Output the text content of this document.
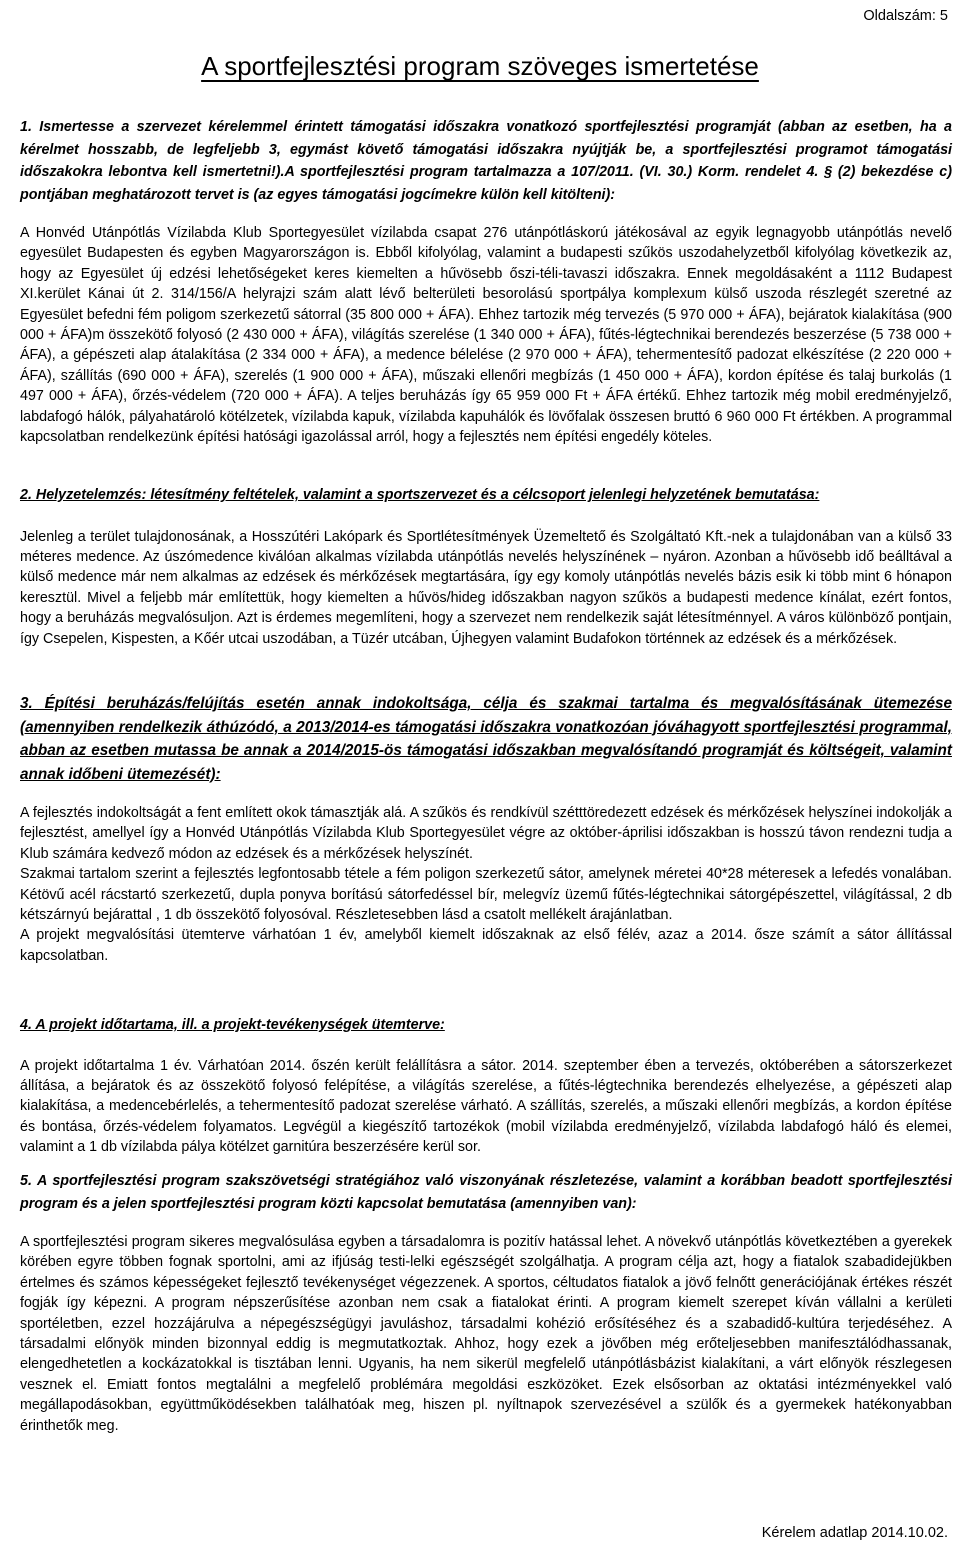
Oldalszám: 5
A sportfejlesztési program szöveges ismertetése

1. Ismertesse a szervezet kérelemmel érintett támogatási időszakra vonatkozó sportfejlesztési programját (abban az esetben, ha a kérelmet hosszabb, de legfeljebb 3, egymást követő támogatási időszakra nyújtják be, a sportfejlesztési programot támogatási időszakokra lebontva kell ismertetni!).A sportfejlesztési program tartalmazza a 107/2011. (VI. 30.) Korm. rendelet 4. § (2) bekezdése c) pontjában meghatározott tervet is (az egyes támogatási jogcímekre külön kell kitölteni):

A Honvéd Utánpótlás Vízilabda Klub Sportegyesület vízilabda csapat 276 utánpótláskorú játékosával az egyik legnagyobb utánpótlás nevelő egyesület Budapesten és egyben Magyarországon is. Ebből kifolyólag, valamint a budapesti szűkös uszodahelyzetből kifolyólag következik az, hogy az Egyesület új edzési lehetőségeket keres kiemelten a hűvösebb őszi-téli-tavaszi időszakra. Ennek megoldásaként a 1112 Budapest XI.kerület Kánai út 2. 314/156/A helyrajzi szám alatt lévő belterületi besorolású sportpálya komplexum külső uszoda részlegét szeretné az Egyesület befedni fém poligom szerkezetű sátorral (35 800 000 + ÁFA). Ehhez tartozik még tervezés (5 970 000 + ÁFA), bejáratok kialakítása (900 000 + ÁFA)m összekötő folyosó (2 430 000 + ÁFA), világítás szerelése (1 340 000 + ÁFA), fűtés-légtechnikai berendezés beszerzése (5 738 000 + ÁFA), a gépészeti alap átalakítása (2 334 000 + ÁFA), a medence bélelése (2 970 000 + ÁFA), tehermentesítő padozat elkészítése (2 220 000 + ÁFA), szállítás (690 000 + ÁFA), szerelés (1 900 000 + ÁFA), műszaki ellenőri megbízás (1 450 000 + ÁFA), kordon építése és talaj burkolás (1 497 000 + ÁFA), őrzés-védelem (720 000 + ÁFA). A teljes beruházás így 65 959 000 Ft + ÁFA értékű. Ehhez tartozik még mobil eredményjelző, labdafogó hálók, pályahatároló kötélzetek, vízilabda kapuk, vízilabda kapuhálók és lövőfalak összesen bruttó 6 960 000 Ft értékben. A programmal kapcsolatban rendelkezünk építési hatósági igazolással arról, hogy a fejlesztés nem építési engedély köteles.

2. Helyzetelemzés: létesítmény feltételek, valamint a sportszervezet és a célcsoport jelenlegi helyzetének bemutatása:

Jelenleg a terület tulajdonosának, a Hosszútéri Lakópark és Sportlétesítmények Üzemeltető és Szolgáltató Kft.-nek a tulajdonában van a külső 33 méteres medence. Az úszómedence kiválóan alkalmas vízilabda utánpótlás nevelés helyszínének – nyáron. Azonban a hűvösebb idő beálltával a külső medence már nem alkalmas az edzések és mérkőzések megtartására, így egy komoly utánpótlás nevelés bázis esik ki több mint 6 hónapon keresztül. Mivel a feljebb már említettük, hogy kiemelten a hűvös/hideg időszakban nagyon szűkös a budapesti medence kínálat, ezért fontos, hogy a beruházás megvalósuljon. Azt is érdemes megemlíteni, hogy a szervezet nem rendelkezik saját létesítménnyel. A város különböző pontjain, így Csepelen, Kispesten, a Kőér utcai uszodában, a Tüzér utcában, Újhegyen valamint Budafokon történnek az edzések és a mérkőzések.

3. Építési beruházás/felújítás esetén annak indokoltsága, célja és szakmai tartalma és megvalósításának ütemezése (amennyiben rendelkezik áthúzódó, a 2013/2014-es támogatási időszakra vonatkozóan jóváhagyott sportfejlesztési programmal, abban az esetben mutassa be annak a 2014/2015-ös támogatási időszakban megvalósítandó programját és költségeit, valamint annak időbeni ütemezését):

A fejlesztés indokoltságát a fent említett okok támasztják alá. A szűkös és rendkívül szétttöredezett edzések és mérkőzések helyszínei indokolják a fejlesztést, amellyel így a Honvéd Utánpótlás Vízilabda Klub Sportegyesület végre az október-áprilisi időszakban is hosszú távon rendezni tudja a Klub számára kedvező módon az edzések és a mérkőzések helyszínét.

Szakmai tartalom szerint a fejlesztés legfontosabb tétele a fém poligon szerkezetű sátor, amelynek méretei 40*28 méteresek a lefedés vonalában. Kétövű acél rácstartó szerkezetű, dupla ponyva borítású sátorfedéssel bír, melegvíz üzemű fűtés-légtechnikai sátorgépészettel, világítással, 2 db kétszárnyú bejárattal , 1 db összekötő folyosóval. Részletesebben lásd a csatolt mellékelt árajánlatban.

A projekt megvalósítási ütemterve várhatóan 1 év, amelyből kiemelt időszaknak az első félév, azaz a 2014. ősze számít a sátor állítással kapcsolatban.

4. A projekt időtartama, ill. a projekt-tevékenységek ütemterve:

A projekt időtartalma 1 év. Várhatóan 2014. őszén került felállításra a sátor. 2014. szeptember ében a tervezés, októberében a sátorszerkezet állítása, a bejáratok és az összekötő folyosó felépítése, a világítás szerelése, a fűtés-légtechnika berendezés elhelyezése, a gépészeti alap kialakítása, a medencebérlelés, a tehermentesítő padozat szerelése várható. A szállítás, szerelés, a műszaki ellenőri megbízás, a kordon építése és bontása, őrzés-védelem folyamatos. Legvégül a kiegészítő tartozékok (mobil vízilabda eredményjelző, vízilabda labdafogó háló és elemei, valamint a 1 db vízilabda pálya kötélzet garnitúra beszerzésére kerül sor.

5. A sportfejlesztési program szakszövetségi stratégiához való viszonyának részletezése, valamint a korábban beadott sportfejlesztési program és a jelen sportfejlesztési program közti kapcsolat bemutatása (amennyiben van):

A sportfejlesztési program sikeres megvalósulása egyben a társadalomra is pozitív hatással lehet. A növekvő utánpótlás következtében a gyerekek körében egyre többen fognak sportolni, ami az ifjúság testi-lelki egészségét szolgálhatja. A program célja azt, hogy a fiatalok szabadidejükben értelmes és számos képességeket fejlesztő tevékenységet végezzenek. A sportos, céltudatos fiatalok a jövő felnőtt generációjának értékes részét fogják így képezni. A program népszerűsítése azonban nem csak a fiatalokat érinti. A program kiemelt szerepet kíván vállalni a kerületi sportéletben, ezzel hozzájárulva a népegészségügyi javuláshoz, társadalmi kohézió erősítéséhez és a szabadidő-kultúra terjedéséhez. A társadalmi előnyök minden bizonnyal eddig is megmutatkoztak. Ahhoz, hogy ezek a jövőben még erőteljesebben manifesztálódhassanak, elengedhetetlen a kockázatokkal is tisztában lenni. Ugyanis, ha nem sikerül megfelelő utánpótlásbázist kialakítani, a várt előnyök részlegesen vesznek el. Emiatt fontos megtalálni a megfelelő problémára megoldási eszközöket. Ezek elsősorban az oktatási intézményekkel való megállapodásokban, együttműködésekben találhatóak meg, hiszen pl. nyíltnapok szervezésével a szülők és a gyermekek hatékonyabban érinthetők meg.

Kérelem adatlap 2014.10.02.
